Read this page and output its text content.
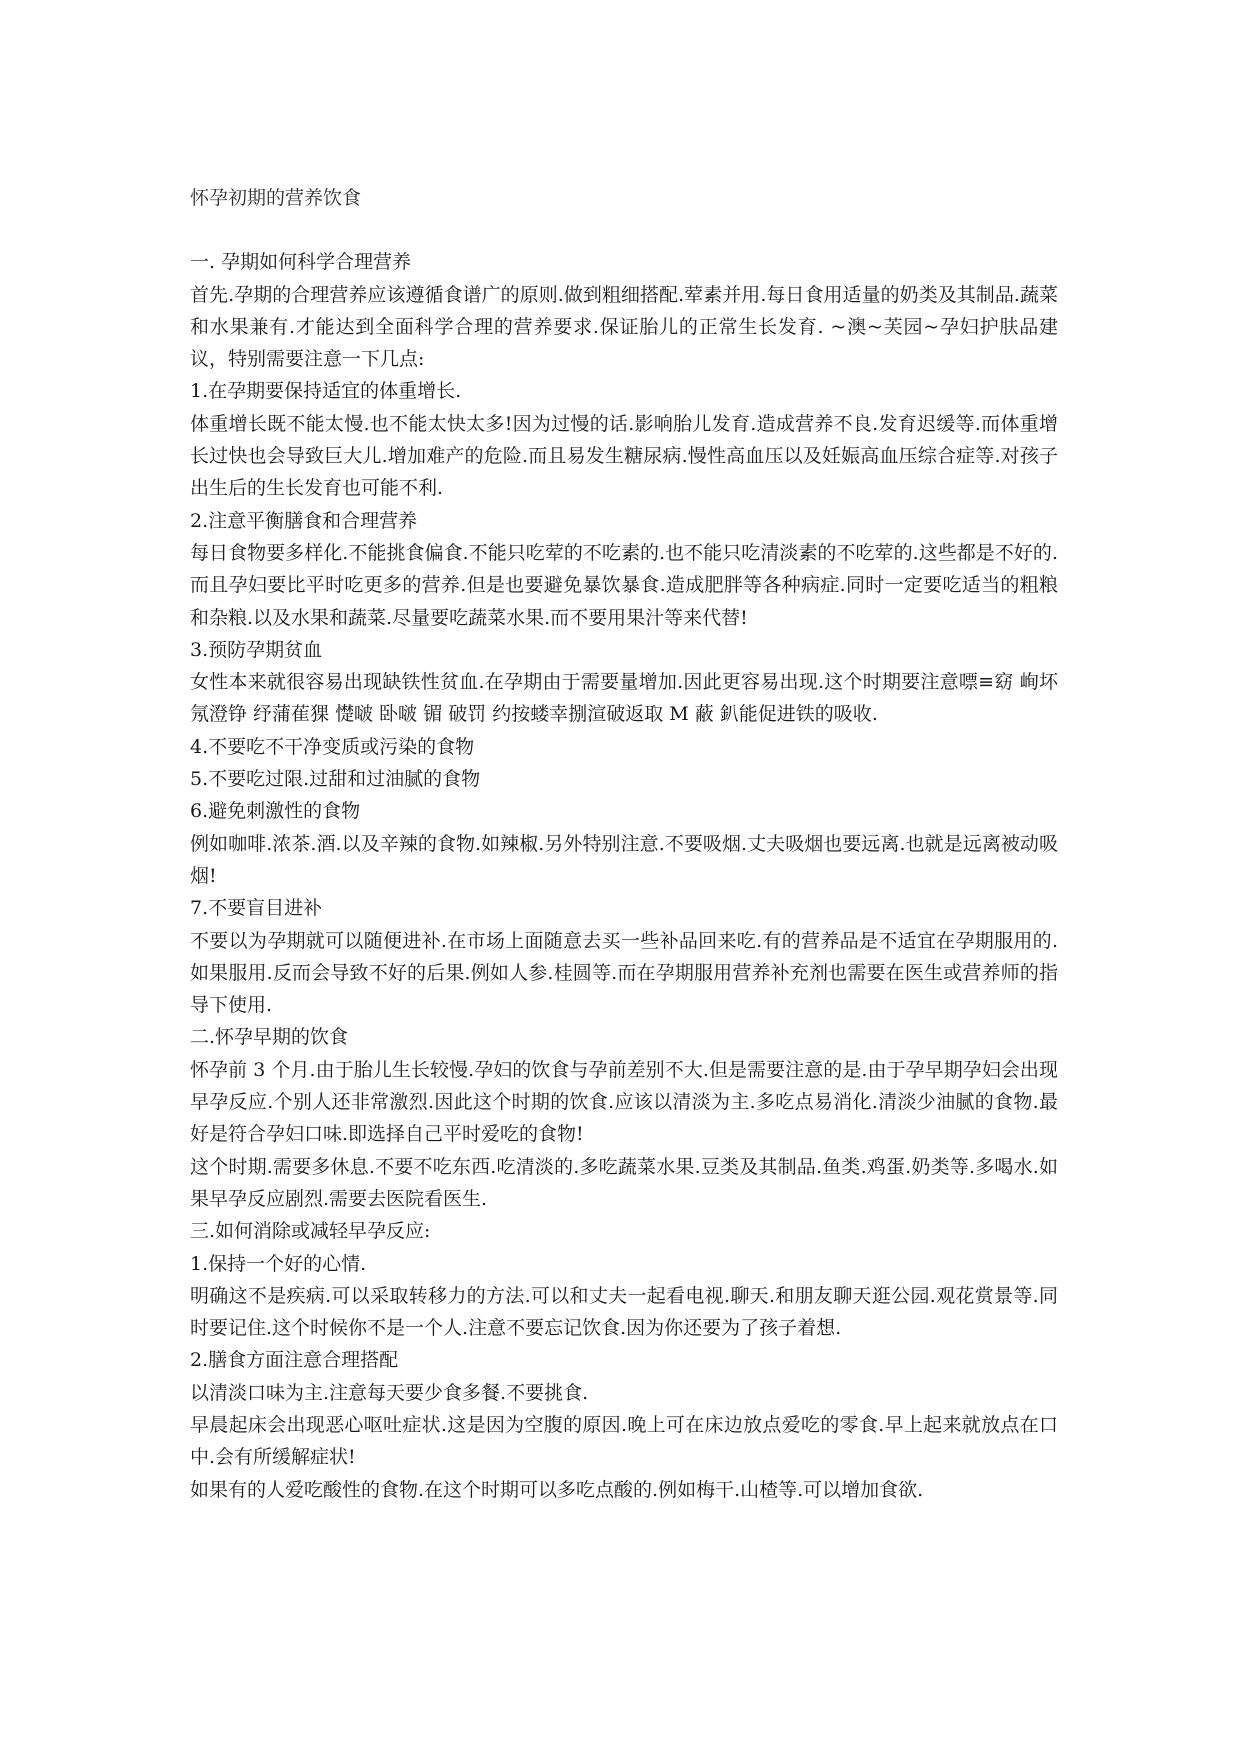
怀孕初期的营养饮食

一. 孕期如何科学合理营养

首先.孕期的合理营养应该遵循食谱广的原则.做到粗细搭配.荤素并用.每日食用适量的奶类及其制品.蔬菜和水果兼有.才能达到全面科学合理的营养要求.保证胎儿的正常生长发育. ~澳~芙园~孕妇护肤品建议，特别需要注意一下几点:

1.在孕期要保持适宜的体重增长.

体重增长既不能太慢.也不能太快太多!因为过慢的话.影响胎儿发育.造成营养不良.发育迟缓等.而体重增长过快也会导致巨大儿.增加难产的危险.而且易发生糖尿病.慢性高血压以及妊娠高血压综合症等.对孩子出生后的生长发育也可能不利.

2.注意平衡膳食和合理营养

每日食物要多样化.不能挑食偏食.不能只吃荤的不吃素的.也不能只吃清淡素的不吃荤的.这些都是不好的.而且孕妇要比平时吃更多的营养.但是也要避免暴饮暴食.造成肥胖等各种病症.同时一定要吃适当的粗粮和杂粮.以及水果和蔬菜.尽量要吃蔬菜水果.而不要用果汁等来代替!

3.预防孕期贫血

女性本来就很容易出现缺铁性贫血.在孕期由于需要量增加.因此更容易出现.这个时期要注意嘌≡窈 峋坏氖澄铮 纾蒲萑猓 憷啵 卧啵 镅 破罚 约按蝼幸捌渲破返取 M 蔽 釟能促进铁的吸收.

4.不要吃不干净变质或污染的食物

5.不要吃过限.过甜和过油腻的食物

6.避免刺激性的食物

例如咖啡.浓茶.酒.以及辛辣的食物.如辣椒.另外特别注意.不要吸烟.丈夫吸烟也要远离.也就是远离被动吸烟!

7.不要盲目进补

不要以为孕期就可以随便进补.在市场上面随意去买一些补品回来吃.有的营养品是不适宜在孕期服用的.如果服用.反而会导致不好的后果.例如人参.桂圆等.而在孕期服用营养补充剂也需要在医生或营养师的指导下使用.

二.怀孕早期的饮食

怀孕前 3 个月.由于胎儿生长较慢.孕妇的饮食与孕前差别不大.但是需要注意的是.由于孕早期孕妇会出现早孕反应.个别人还非常激烈.因此这个时期的饮食.应该以清淡为主.多吃点易消化.清淡少油腻的食物.最好是符合孕妇口味.即选择自己平时爱吃的食物!

这个时期.需要多休息.不要不吃东西.吃清淡的.多吃蔬菜水果.豆类及其制品.鱼类.鸡蛋.奶类等.多喝水.如果早孕反应剧烈.需要去医院看医生.

三.如何消除或减轻早孕反应:

1.保持一个好的心情.

明确这不是疾病.可以采取转移力的方法.可以和丈夫一起看电视.聊天.和朋友聊天逛公园.观花赏景等.同时要记住.这个时候你不是一个人.注意不要忘记饮食.因为你还要为了孩子着想.

2.膳食方面注意合理搭配

以清淡口味为主.注意每天要少食多餐.不要挑食.

早晨起床会出现恶心呕吐症状.这是因为空腹的原因.晚上可在床边放点爱吃的零食.早上起来就放点在口中.会有所缓解症状!

如果有的人爱吃酸性的食物.在这个时期可以多吃点酸的.例如梅干.山楂等.可以增加食欲.
